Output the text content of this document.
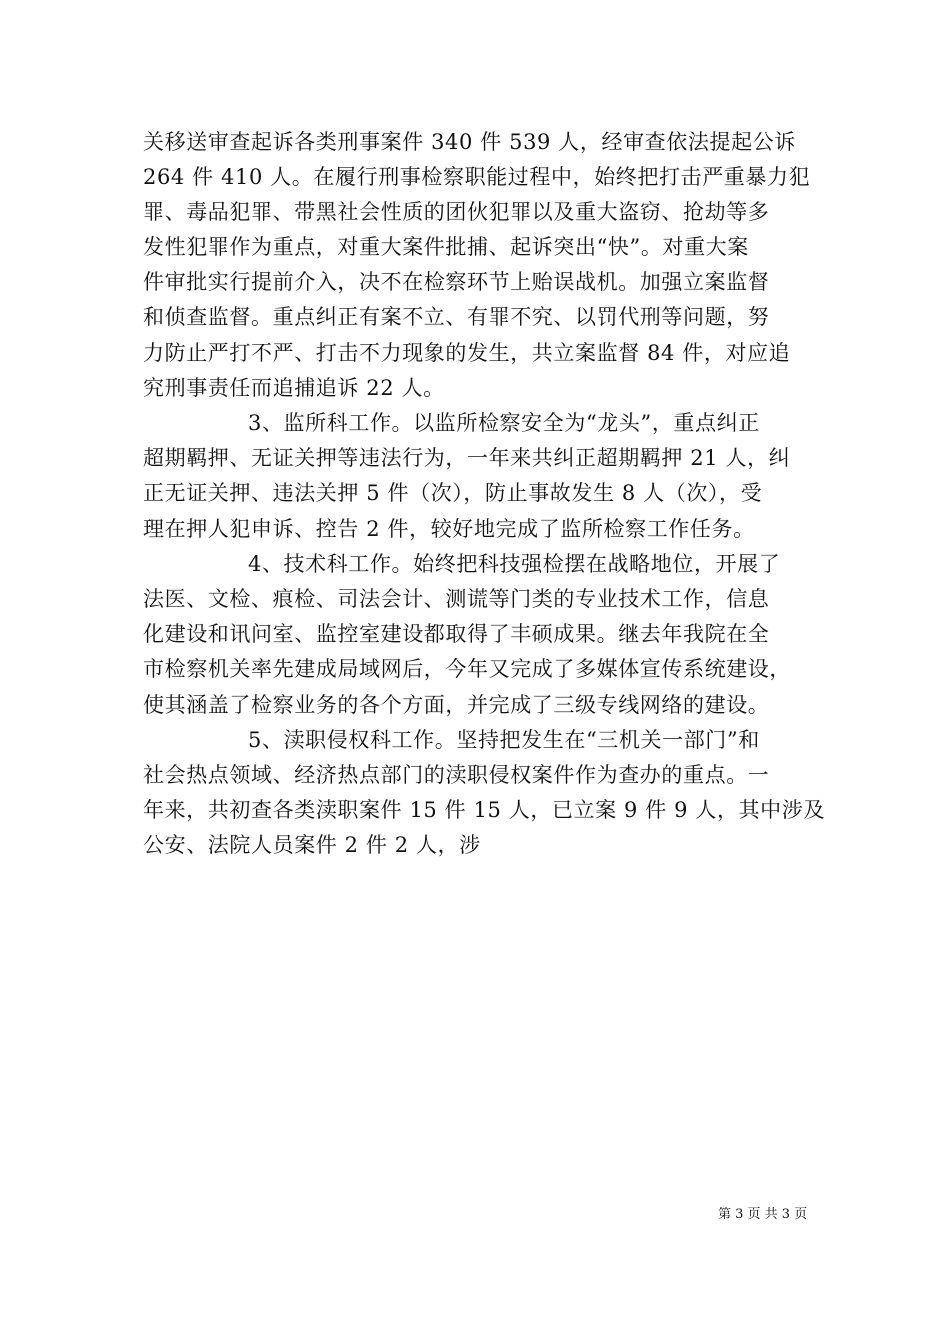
关移送审查起诉各类刑事案件 340 件 539 人，经审查依法提起公诉
264 件 410 人。在履行刑事检察职能过程中，始终把打击严重暴力犯
罪、毒品犯罪、带黑社会性质的团伙犯罪以及重大盗窃、抢劫等多
发性犯罪作为重点，对重大案件批捕、起诉突出“快”。对重大案
件审批实行提前介入，决不在检察环节上贻误战机。加强立案监督
和侦查监督。重点纠正有案不立、有罪不究、以罚代刑等问题，努
力防止严打不严、打击不力现象的发生，共立案监督 84 件，对应追
究刑事责任而追捕追诉 22 人。
3、监所科工作。以监所检察安全为“龙头”，重点纠正
超期羁押、无证关押等违法行为，一年来共纠正超期羁押 21 人，纠
正无证关押、违法关押 5 件（次），防止事故发生 8 人（次），受
理在押人犯申诉、控告 2 件，较好地完成了监所检察工作任务。
4、技术科工作。始终把科技强检摆在战略地位，开展了
法医、文检、痕检、司法会计、测谎等门类的专业技术工作，信息
化建设和讯问室、监控室建设都取得了丰硕成果。继去年我院在全
市检察机关率先建成局域网后，今年又完成了多媒体宣传系统建设，
使其涵盖了检察业务的各个方面，并完成了三级专线网络的建设。
5、渎职侵权科工作。坚持把发生在“三机关一部门”和
社会热点领域、经济热点部门的渎职侵权案件作为查办的重点。一
年来，共初查各类渎职案件 15 件 15 人，已立案 9 件 9 人，其中涉及
公安、法院人员案件 2 件 2 人，涉
第 3 页 共 3 页
